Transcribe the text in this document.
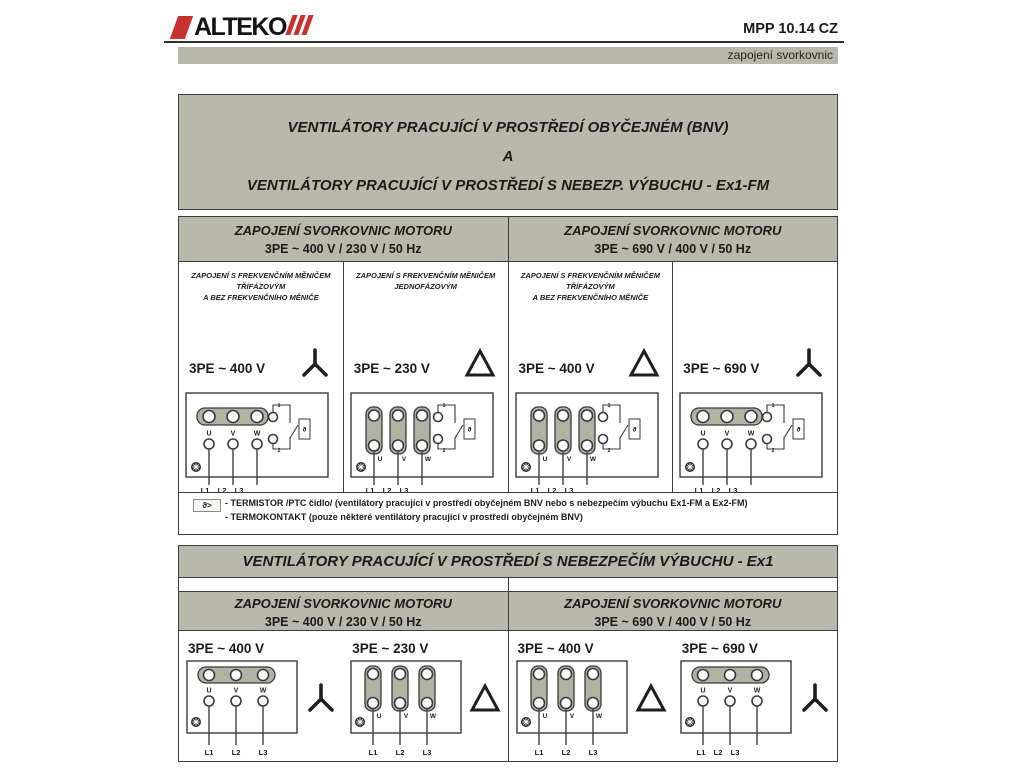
ALTEKO	MPP 10.14 CZ
zapojení svorkovnic
VENTILÁTORY PRACUJÍCÍ V PROSTŘEDÍ OBYČEJNÉM (BNV)
A
VENTILÁTORY PRACUJÍCÍ V PROSTŘEDÍ S NEBEZP. VÝBUCHU - Ex1-FM
ZAPOJENÍ SVORKOVNIC MOTORU
3PE ~ 400 V / 230 V / 50 Hz
ZAPOJENÍ SVORKOVNIC MOTORU
3PE ~ 690 V / 400 V / 50 Hz
ZAPOJENÍ S FREKVENČNÍM MĚNIČEM
TŘÍFÁZOVÝM
A BEZ FREKVENČNÍHO MĚNIČE
3PE ~ 400 V
U	V	W
L1 L2 L3
1
2
ϑ
ZAPOJENÍ S FREKVENČNÍM MĚNIČEM
JEDNOFÁZOVÝM
3PE ~ 230 V
U	V	W
L1 L2 L3
1
2
ϑ
ZAPOJENÍ S FREKVENČNÍM MĚNIČEM
TŘÍFÁZOVÝM
A BEZ FREKVENČNÍHO MĚNIČE
3PE ~ 400 V
U	V	W
L1 L2 L3
1
2
ϑ
3PE ~ 690 V
U	V	W
L1 L2 L3
1
2
ϑ
ϑ>	- TERMISTOR /PTC čidlo/ (ventilátory pracující v prostředí obyčejném BNV nebo s nebezpečím výbuchu Ex1-FM a Ex2-FM)
- TERMOKONTAKT (pouze některé ventilátory pracující v prostředí obyčejném BNV)
VENTILÁTORY PRACUJÍCÍ V PROSTŘEDÍ S NEBEZPEČÍM VÝBUCHU - Ex1
ZAPOJENÍ SVORKOVNIC MOTORU
3PE ~ 400 V / 230 V / 50 Hz
ZAPOJENÍ SVORKOVNIC MOTORU
3PE ~ 690 V / 400 V / 50 Hz
3PE ~ 400 V
U	V	W
L1 L2 L3
3PE ~ 230 V
U	V	W
L1 L2 L3
3PE ~ 400 V
U	V	W
L1 L2 L3
3PE ~ 690 V
U	V	W
L1 L2 L3
